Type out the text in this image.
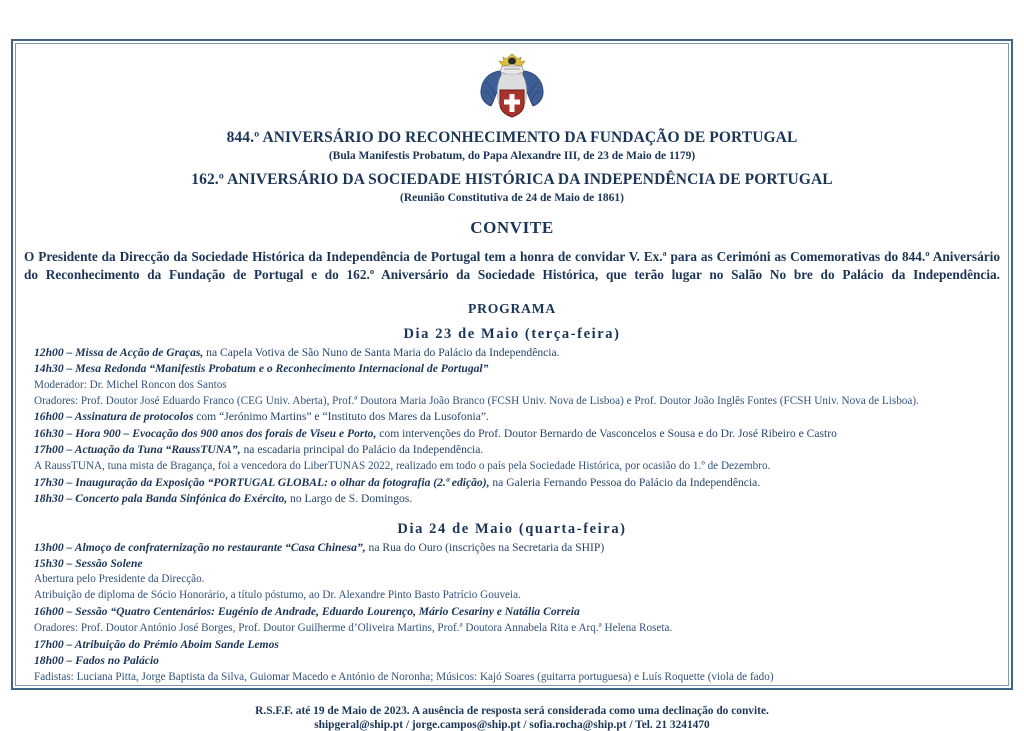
844.º ANIVERSÁRIO DO RECONHECIMENTO DA FUNDAÇÃO DE PORTUGAL
(Bula Manifestis Probatum, do Papa Alexandre III, de 23 de Maio de 1179)
162.º ANIVERSÁRIO DA SOCIEDADE HISTÓRICA DA INDEPENDÊNCIA DE PORTUGAL
(Reunião Constitutiva de 24 de Maio de 1861)
CONVITE
O Presidente da Direcção da Sociedade Histórica da Independência de Portugal tem a honra de convidar V. Ex.ª para as Cerimóni as Comemorativas do 844.º Aniversário do Reconhecimento da Fundação de Portugal e do 162.º Aniversário da Sociedade Histórica, que terão lugar no Salão No bre do Palácio da Independência.
PROGRAMA
Dia 23 de Maio (terça-feira)
12h00 – Missa de Acção de Graças, na Capela Votiva de São Nuno de Santa Maria do Palácio da Independência.
14h30 – Mesa Redonda “Manifestis Probatum e o Reconhecimento Internacional de Portugal”
Moderador: Dr. Michel Roncon dos Santos
Oradores: Prof. Doutor José Eduardo Franco (CEG Univ. Aberta), Prof.ª Doutora Maria João Branco (FCSH Univ. Nova de Lisboa) e Prof. Doutor João Inglês Fontes (FCSH Univ. Nova de Lisboa).
16h00 – Assinatura de protocolos com “Jerónimo Martins” e “Instituto dos Mares da Lusofonia”.
16h30 – Hora 900 – Evocação dos 900 anos dos forais de Viseu e Porto, com intervenções do Prof. Doutor Bernardo de Vasconcelos e Sousa e do Dr. José Ribeiro e Castro
17h00 – Actuação da Tuna “RaussTUNA”, na escadaria principal do Palácio da Independência.
A RaussTUNA, tuna mista de Bragança, foi a vencedora do LiberTUNAS 2022, realizado em todo o país pela Sociedade Histórica, por ocasião do 1.º de Dezembro.
17h30 – Inauguração da Exposição “PORTUGAL GLOBAL: o olhar da fotografia (2.ª edição), na Galeria Fernando Pessoa do Palácio da Independência.
18h30 – Concerto pala Banda Sinfónica do Exército, no Largo de S. Domingos.
Dia 24 de Maio (quarta-feira)
13h00 – Almoço de confraternização no restaurante “Casa Chinesa”, na Rua do Ouro (inscrições na Secretaria da SHIP)
15h30 – Sessão Solene
Abertura pelo Presidente da Direcção.
Atribuição de diploma de Sócio Honorário, a título póstumo, ao Dr. Alexandre Pinto Basto Patrício Gouveia.
16h00 – Sessão “Quatro Centenários: Eugénio de Andrade, Eduardo Lourenço, Mário Cesariny e Natália Correia
Oradores: Prof. Doutor António José Borges, Prof. Doutor Guilherme d’Oliveira Martins, Prof.ª Doutora Annabela Rita e Arq.ª Helena Roseta.
17h00 – Atribuição do Prémio Aboim Sande Lemos
18h00 – Fados no Palácio
Fadistas: Luciana Pitta, Jorge Baptista da Silva, Guiomar Macedo e António de Noronha; Músicos: Kajó Soares (guitarra portuguesa) e Luís Roquette (viola de fado)
R.S.F.F. até 19 de Maio de 2023. A ausência de resposta será considerada como uma declinação do convite.
shipgeral@ship.pt / jorge.campos@ship.pt / sofia.rocha@ship.pt / Tel. 21 3241470
